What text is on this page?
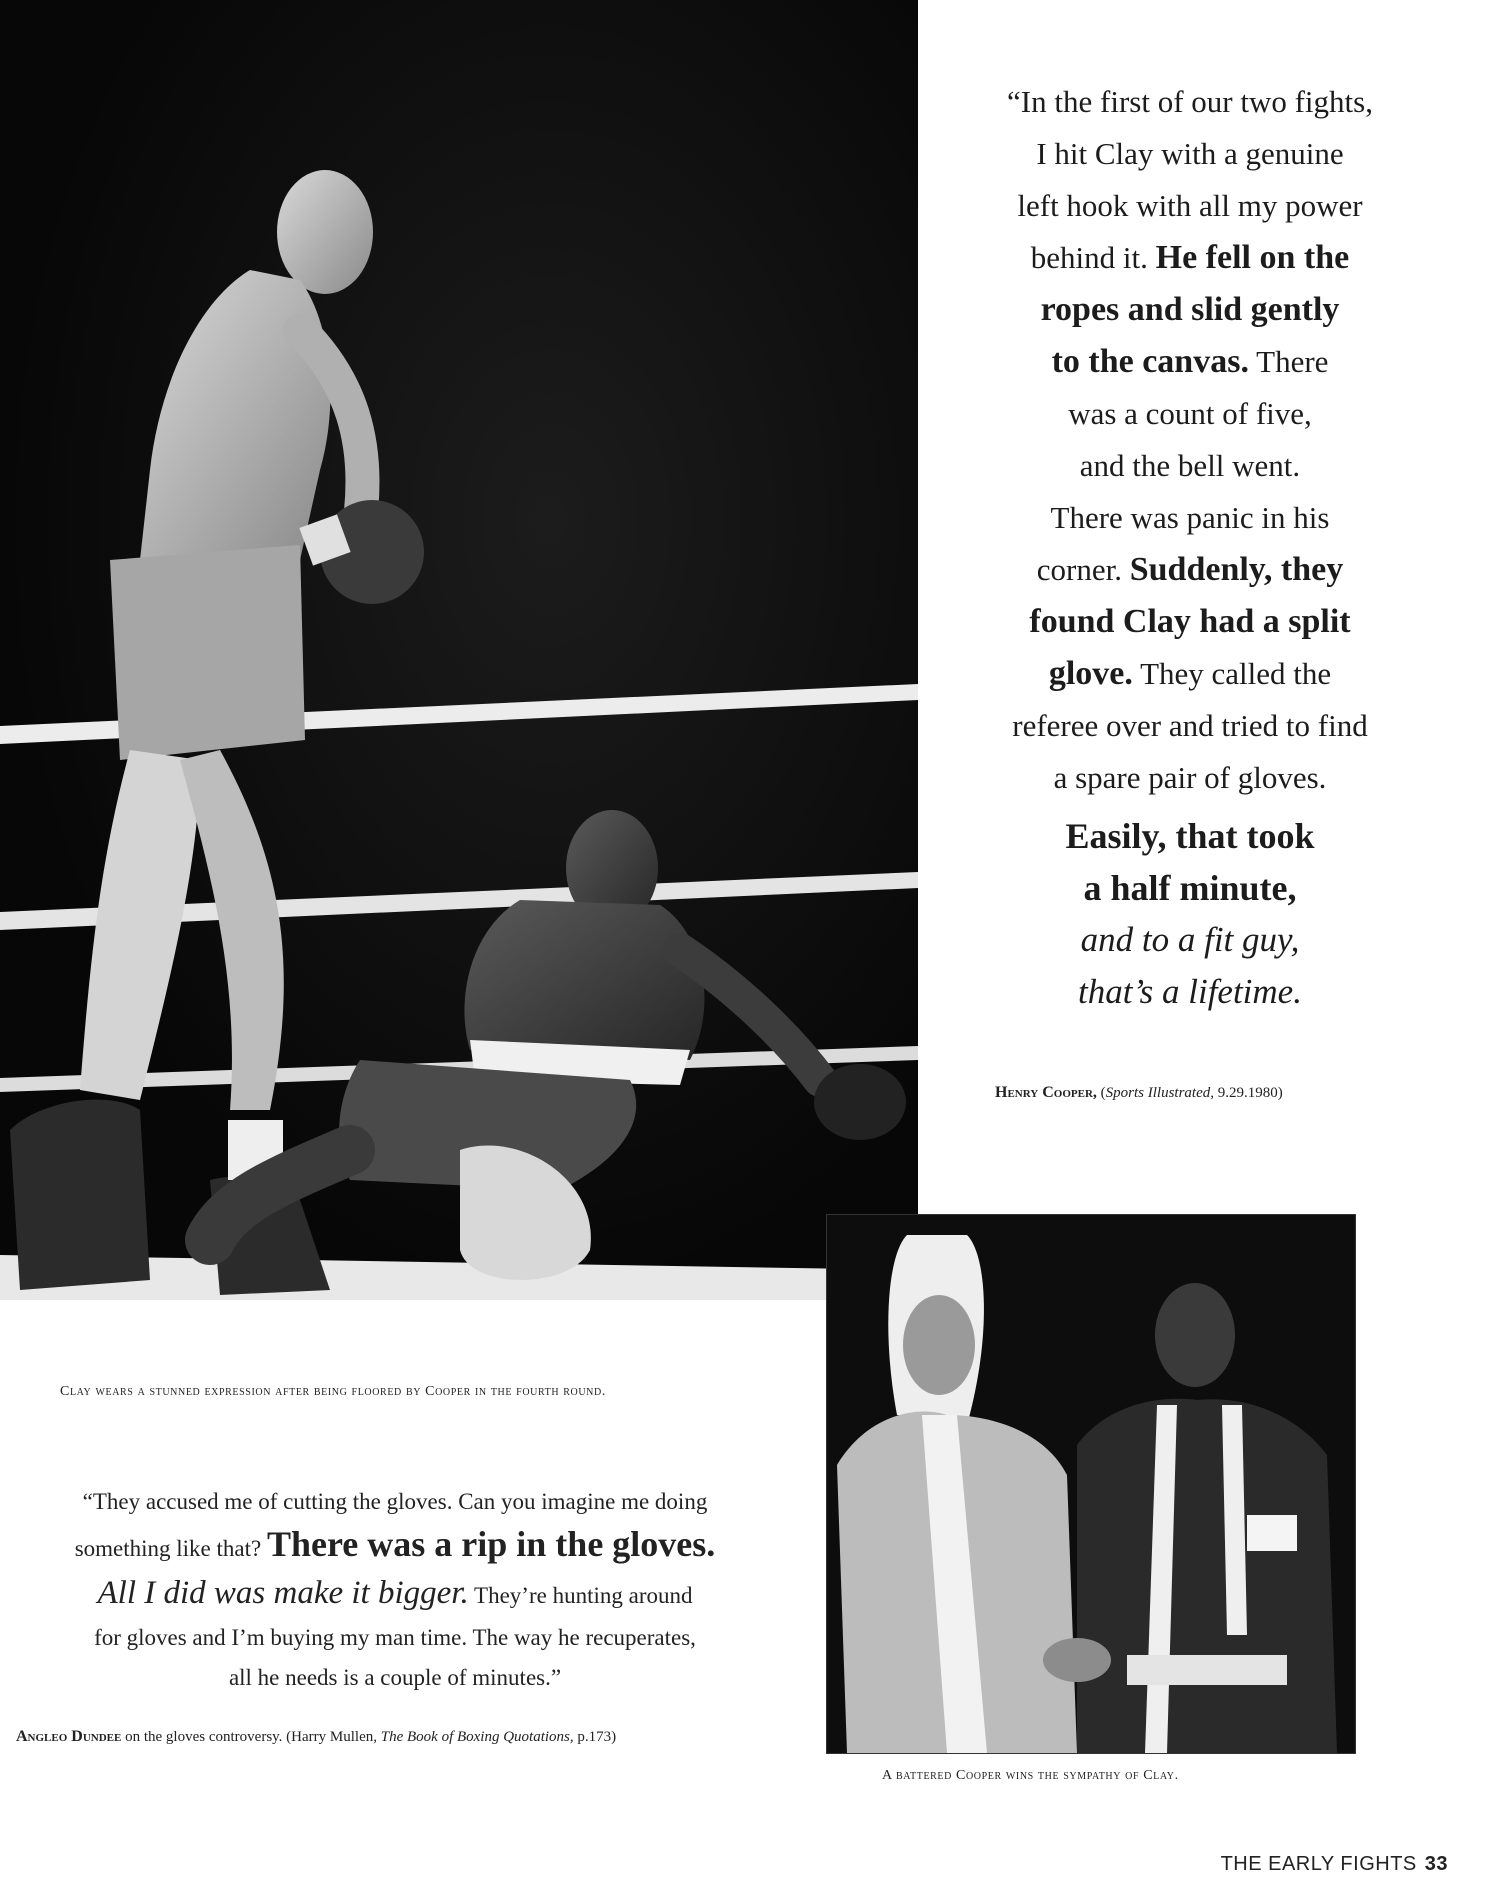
“In the first of our two fights,
I hit Clay with a genuine
left hook with all my power
behind it. He fell on the
ropes and slid gently
to the canvas. There
was a count of five,
and the bell went.
There was panic in his
corner. Suddenly, they
found Clay had a split
glove. They called the
referee over and tried to find
a spare pair of gloves.
Easily, that took
a half minute,
and to a fit guy,
that’s a lifetime.
Henry Cooper, (Sports Illustrated, 9.29.1980)
Clay wears a stunned expression after being floored by Cooper in the fourth round.
“They accused me of cutting the gloves. Can you imagine me doing
something like that? There was a rip in the gloves.
All I did was make it bigger. They’re hunting around
for gloves and I’m buying my man time. The way he recuperates,
all he needs is a couple of minutes.”
Angleo Dundee on the gloves controversy. (Harry Mullen, The Book of Boxing Quotations, p.173)
A battered Cooper wins the sympathy of Clay.
THE EARLY FIGHTS 33
